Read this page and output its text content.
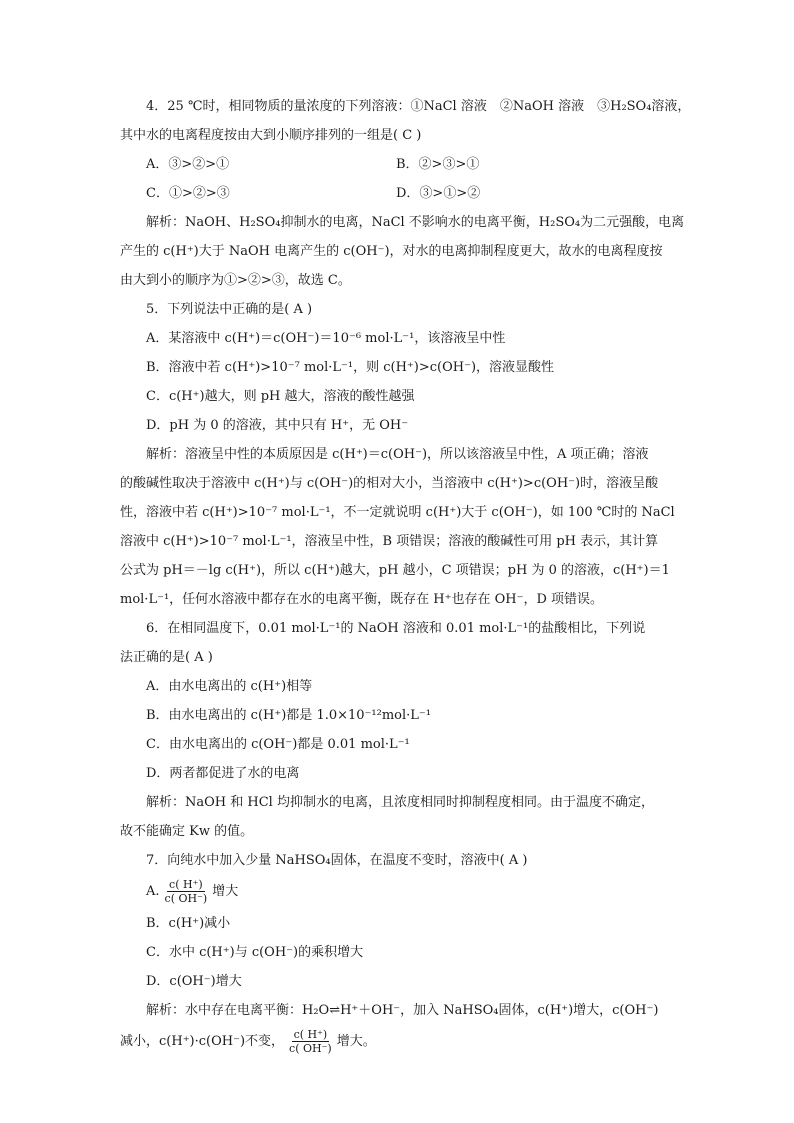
4．25 ℃时，相同物质的量浓度的下列溶液：①NaCl 溶液　②NaOH 溶液　③H₂SO₄溶液，
其中水的电离程度按由大到小顺序排列的一组是( C )
A．③>②>①	B．②>③>①
C．①>②>③	D．③>①>②
解析：NaOH、H₂SO₄抑制水的电离，NaCl 不影响水的电离平衡，H₂SO₄为二元强酸，电离
产生的 c(H⁺)大于 NaOH 电离产生的 c(OH⁻)，对水的电离抑制程度更大，故水的电离程度按
由大到小的顺序为①>②>③，故选 C。
5．下列说法中正确的是( A )
A．某溶液中 c(H⁺)＝c(OH⁻)＝10⁻⁶ mol·L⁻¹，该溶液呈中性
B．溶液中若 c(H⁺)>10⁻⁷ mol·L⁻¹，则 c(H⁺)>c(OH⁻)，溶液显酸性
C．c(H⁺)越大，则 pH 越大，溶液的酸性越强
D．pH 为 0 的溶液，其中只有 H⁺，无 OH⁻
解析：溶液呈中性的本质原因是 c(H⁺)＝c(OH⁻)，所以该溶液呈中性，A 项正确；溶液
的酸碱性取决于溶液中 c(H⁺)与 c(OH⁻)的相对大小，当溶液中 c(H⁺)>c(OH⁻)时，溶液呈酸
性，溶液中若 c(H⁺)>10⁻⁷ mol·L⁻¹，不一定就说明 c(H⁺)大于 c(OH⁻)，如 100 ℃时的 NaCl
溶液中 c(H⁺)>10⁻⁷ mol·L⁻¹，溶液呈中性，B 项错误；溶液的酸碱性可用 pH 表示，其计算
公式为 pH＝－lg c(H⁺)，所以 c(H⁺)越大，pH 越小，C 项错误；pH 为 0 的溶液，c(H⁺)＝1
mol·L⁻¹，任何水溶液中都存在水的电离平衡，既存在 H⁺也存在 OH⁻，D 项错误。
6．在相同温度下，0.01 mol·L⁻¹的 NaOH 溶液和 0.01 mol·L⁻¹的盐酸相比，下列说
法正确的是( A )
A．由水电离出的 c(H⁺)相等
B．由水电离出的 c(H⁺)都是 1.0×10⁻¹²mol·L⁻¹
C．由水电离出的 c(OH⁻)都是 0.01 mol·L⁻¹
D．两者都促进了水的电离
解析：NaOH 和 HCl 均抑制水的电离，且浓度相同时抑制程度相同。由于温度不确定，
故不能确定 Kw 的值。
7．向纯水中加入少量 NaHSO₄固体，在温度不变时，溶液中( A )
A. $\frac{c( H^+)}{c( OH^-)}$ 增大
B．c(H⁺)减小
C．水中 c(H⁺)与 c(OH⁻)的乘积增大
D．c(OH⁻)增大
解析：水中存在电离平衡：H₂O⇌H⁺＋OH⁻，加入 NaHSO₄固体，c(H⁺)增大，c(OH⁻)
减小，c(H⁺)·c(OH⁻)不变， $\frac{c( H^+)}{c( OH^-)}$ 增大。
